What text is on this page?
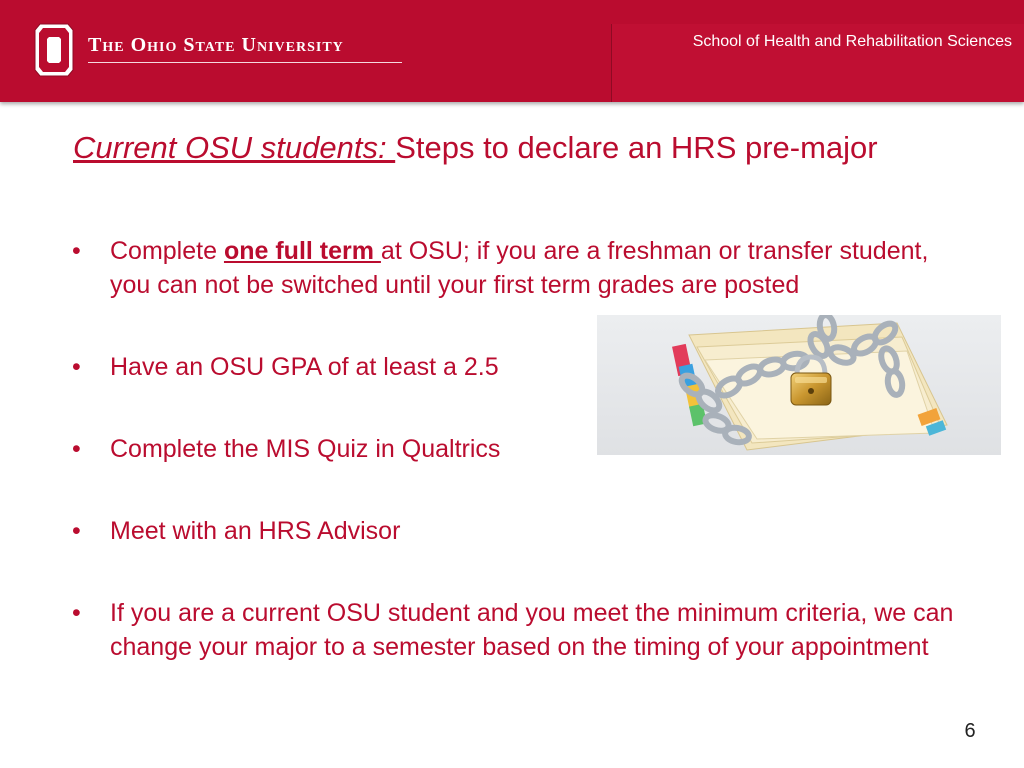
The Ohio State University	School of Health and Rehabilitation Sciences
Current OSU students: Steps to declare an HRS pre-major
• Complete one full term at OSU; if you are a freshman or transfer student, you can not be switched until your first term grades are posted
• Have an OSU GPA of at least a 2.5
• Complete the MIS Quiz in Qualtrics
• Meet with an HRS Advisor
• If you are a current OSU student and you meet the minimum criteria, we can change your major to a semester based on the timing of your appointment
6
